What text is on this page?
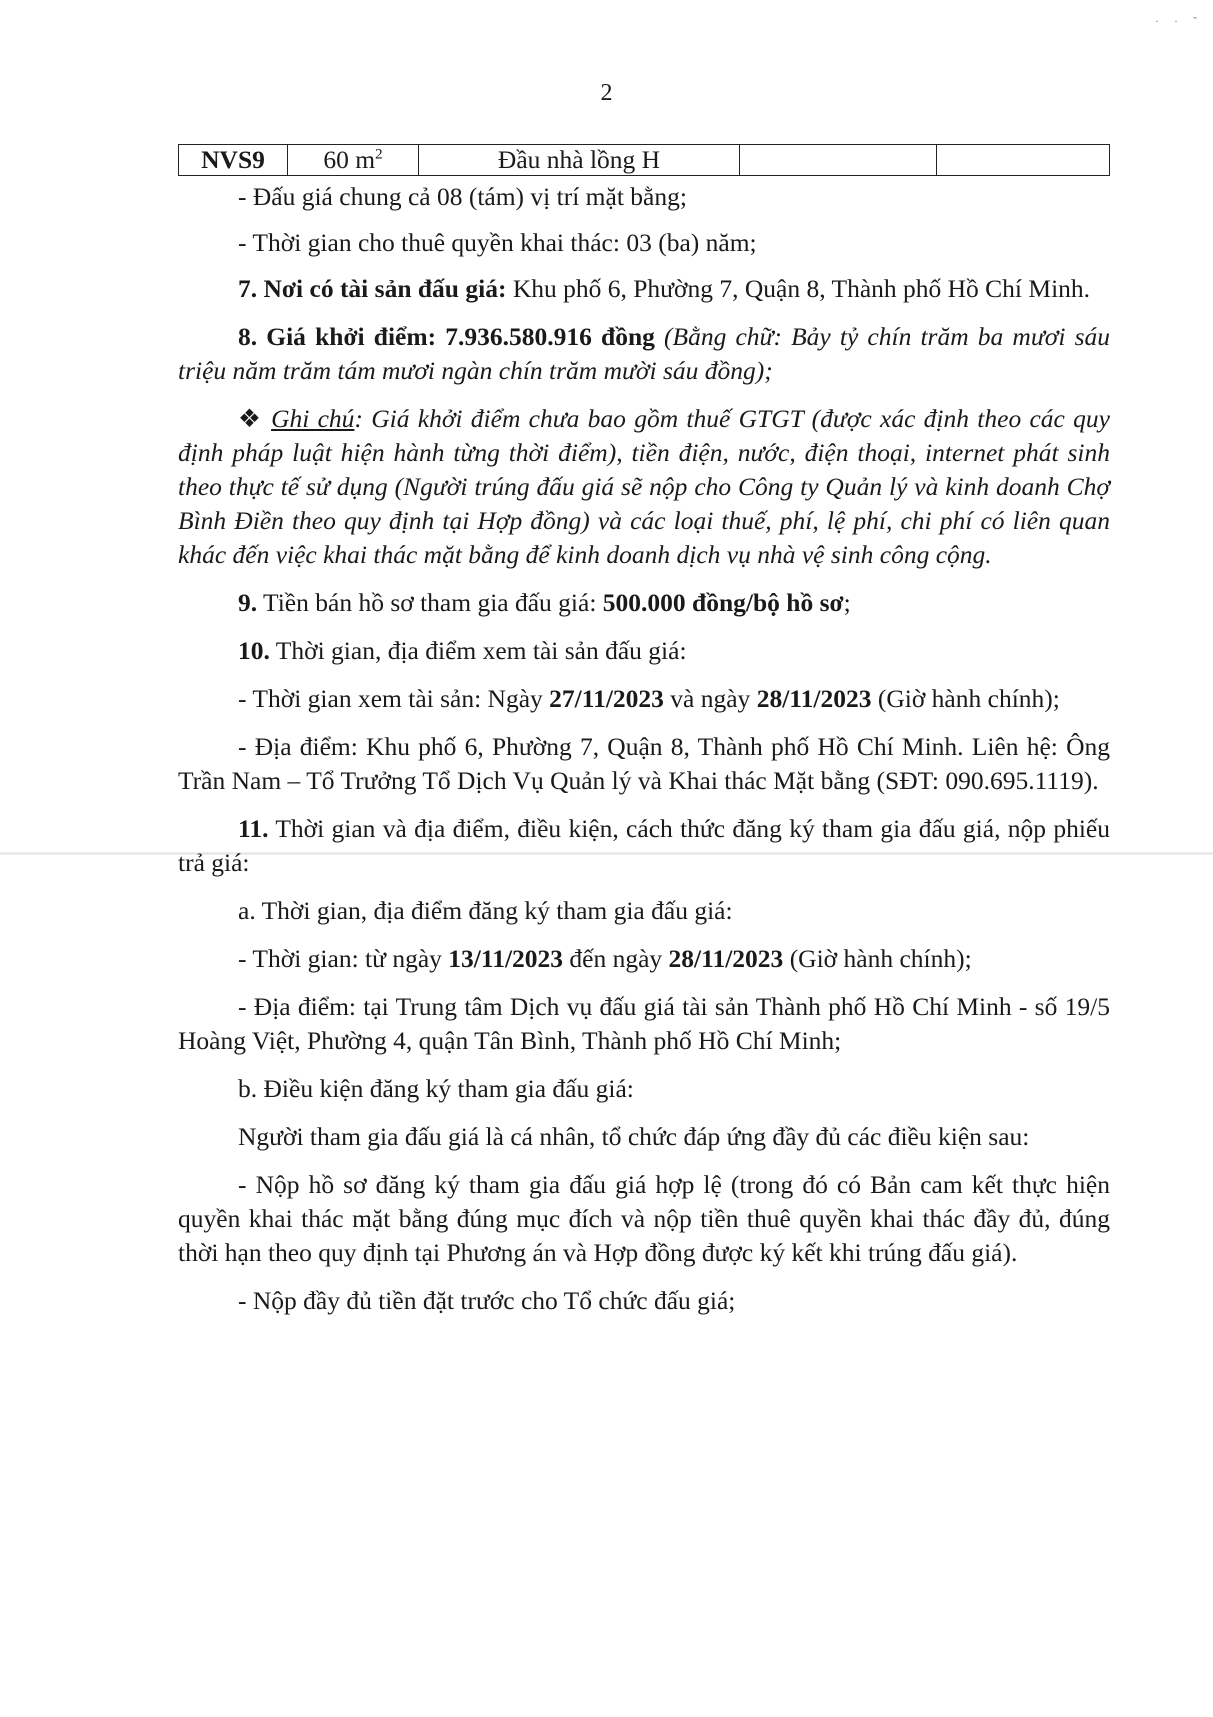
· · ˜
2
NVS9	60 $m^2$	Đầu nhà lồng H		

- Đấu giá chung cả 08 (tám) vị trí mặt bằng;

- Thời gian cho thuê quyền khai thác: 03 (ba) năm;

7. Nơi có tài sản đấu giá: Khu phố 6, Phường 7, Quận 8, Thành phố Hồ Chí Minh.

8. Giá khởi điểm: 7.936.580.916 đồng (Bằng chữ: Bảy tỷ chín trăm ba mươi sáu triệu năm trăm tám mươi ngàn chín trăm mười sáu đồng);

❖ Ghi chú: Giá khởi điểm chưa bao gồm thuế GTGT (được xác định theo các quy định pháp luật hiện hành từng thời điểm), tiền điện, nước, điện thoại, internet phát sinh theo thực tế sử dụng (Người trúng đấu giá sẽ nộp cho Công ty Quản lý và kinh doanh Chợ Bình Điền theo quy định tại Hợp đồng) và các loại thuế, phí, lệ phí, chi phí có liên quan khác đến việc khai thác mặt bằng để kinh doanh dịch vụ nhà vệ sinh công cộng.

9. Tiền bán hồ sơ tham gia đấu giá: 500.000 đồng/bộ hồ sơ;

10. Thời gian, địa điểm xem tài sản đấu giá:

- Thời gian xem tài sản: Ngày 27/11/2023 và ngày 28/11/2023 (Giờ hành chính);

- Địa điểm: Khu phố 6, Phường 7, Quận 8, Thành phố Hồ Chí Minh. Liên hệ: Ông Trần Nam – Tổ Trưởng Tổ Dịch Vụ Quản lý và Khai thác Mặt bằng (SĐT: 090.695.1119).

11. Thời gian và địa điểm, điều kiện, cách thức đăng ký tham gia đấu giá, nộp phiếu trả giá:

a. Thời gian, địa điểm đăng ký tham gia đấu giá:

- Thời gian: từ ngày 13/11/2023 đến ngày 28/11/2023 (Giờ hành chính);

- Địa điểm: tại Trung tâm Dịch vụ đấu giá tài sản Thành phố Hồ Chí Minh - số 19/5 Hoàng Việt, Phường 4, quận Tân Bình, Thành phố Hồ Chí Minh;

b. Điều kiện đăng ký tham gia đấu giá:

Người tham gia đấu giá là cá nhân, tổ chức đáp ứng đầy đủ các điều kiện sau:

- Nộp hồ sơ đăng ký tham gia đấu giá hợp lệ (trong đó có Bản cam kết thực hiện quyền khai thác mặt bằng đúng mục đích và nộp tiền thuê quyền khai thác đầy đủ, đúng thời hạn theo quy định tại Phương án và Hợp đồng được ký kết khi trúng đấu giá).

- Nộp đầy đủ tiền đặt trước cho Tổ chức đấu giá;
